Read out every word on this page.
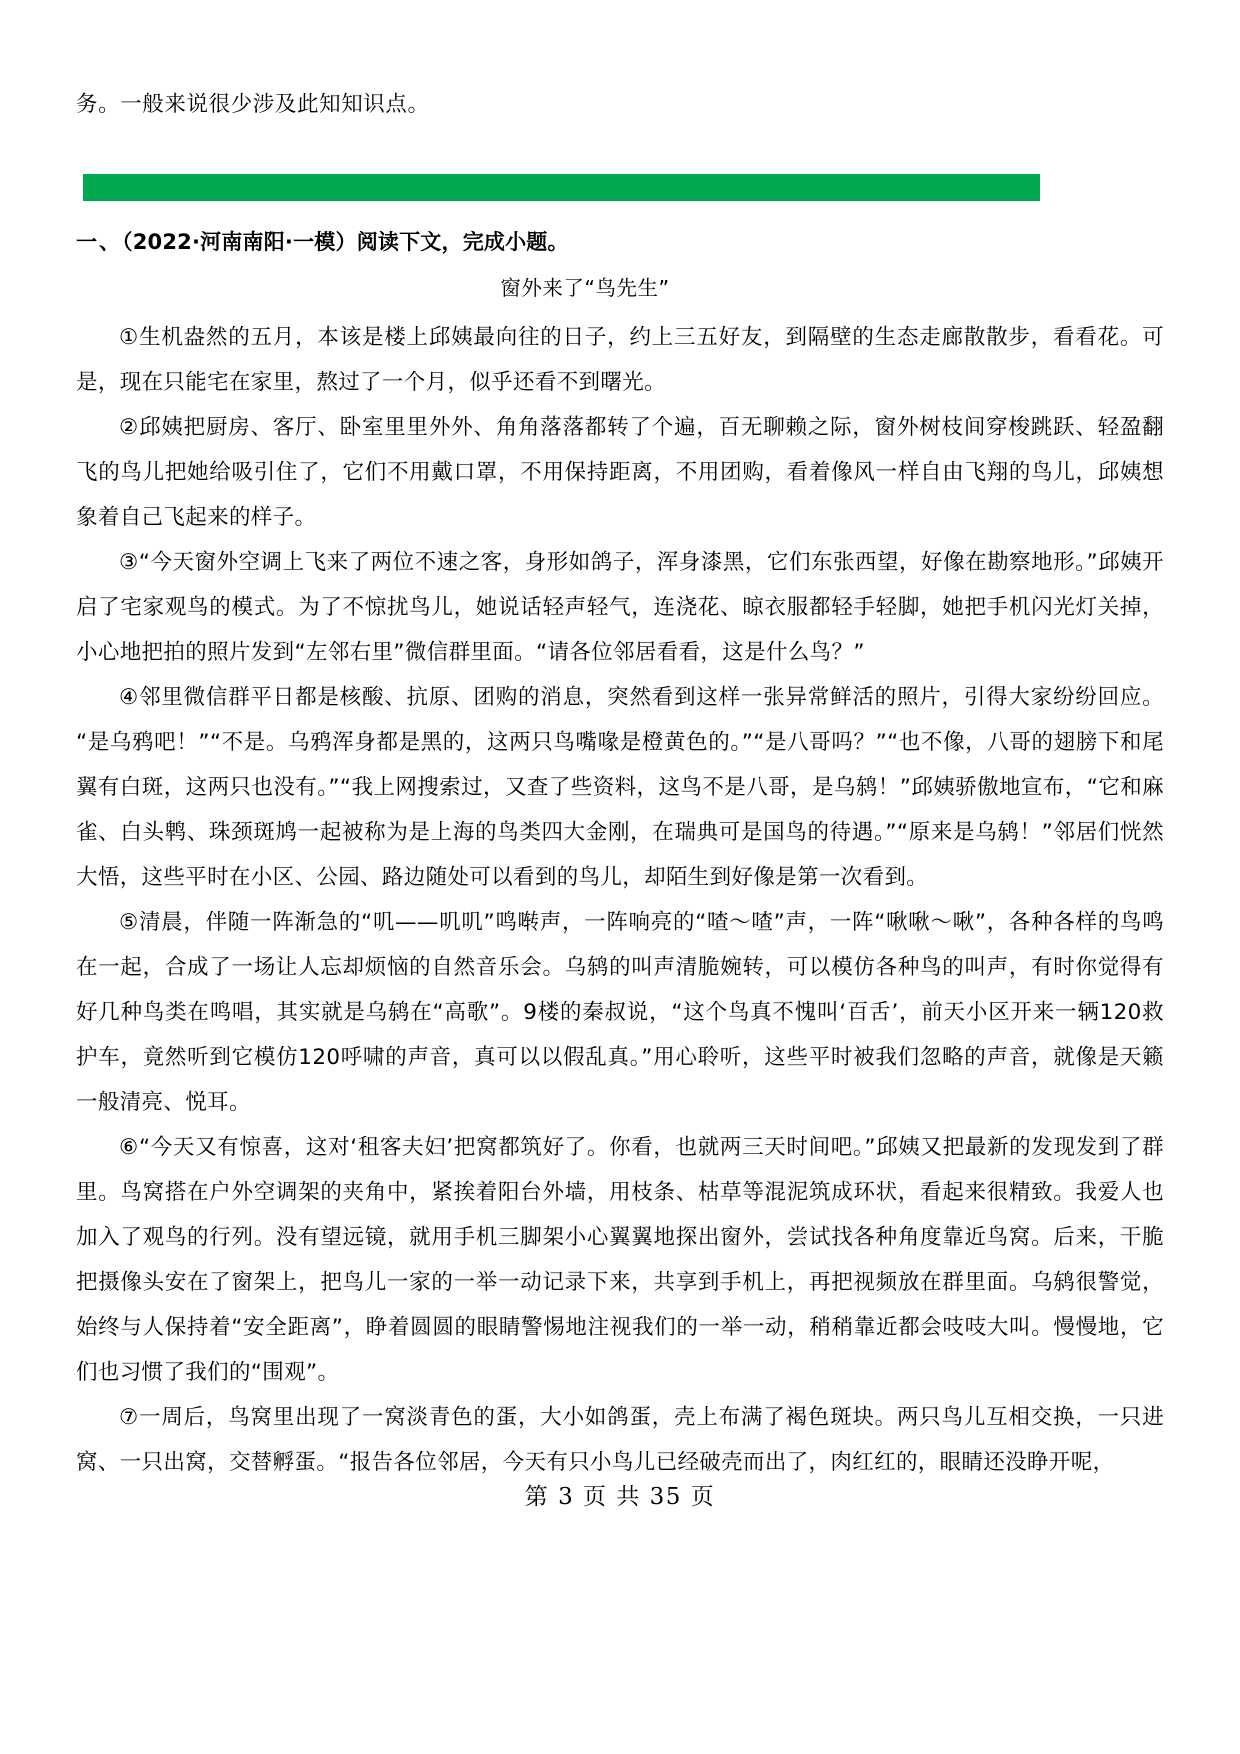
务。一般来说很少涉及此知知识点。

一、（2022·河南南阳·一模）阅读下文，完成小题。
窗外来了“鸟先生”

①生机盎然的五月，本该是楼上邱姨最向往的日子，约上三五好友，到隔壁的生态走廊散散步，看看花。可是，现在只能宅在家里，熬过了一个月，似乎还看不到曙光。

②邱姨把厨房、客厅、卧室里里外外、角角落落都转了个遍，百无聊赖之际，窗外树枝间穿梭跳跃、轻盈翻飞的鸟儿把她给吸引住了，它们不用戴口罩，不用保持距离，不用团购，看着像风一样自由飞翔的鸟儿，邱姨想象着自己飞起来的样子。

③“今天窗外空调上飞来了两位不速之客，身形如鸽子，浑身漆黑，它们东张西望，好像在勘察地形。”邱姨开启了宅家观鸟的模式。为了不惊扰鸟儿，她说话轻声轻气，连浇花、晾衣服都轻手轻脚，她把手机闪光灯关掉，小心地把拍的照片发到“左邻右里”微信群里面。“请各位邻居看看，这是什么鸟？”

④邻里微信群平日都是核酸、抗原、团购的消息，突然看到这样一张异常鲜活的照片，引得大家纷纷回应。“是乌鸦吧！”“不是。乌鸦浑身都是黑的，这两只鸟嘴喙是橙黄色的。”“是八哥吗？”“也不像，八哥的翅膀下和尾翼有白斑，这两只也没有。”“我上网搜索过，又查了些资料，这鸟不是八哥，是乌鸫！”邱姨骄傲地宣布，“它和麻雀、白头鹎、珠颈斑鸠一起被称为是上海的鸟类四大金刚，在瑞典可是国鸟的待遇。”“原来是乌鸫！”邻居们恍然大悟，这些平时在小区、公园、路边随处可以看到的鸟儿，却陌生到好像是第一次看到。

⑤清晨，伴随一阵渐急的“叽——叽叽”鸣啭声，一阵响亮的“喳～喳”声，一阵“啾啾～啾”，各种各样的鸟鸣在一起，合成了一场让人忘却烦恼的自然音乐会。乌鸫的叫声清脆婉转，可以模仿各种鸟的叫声，有时你觉得有好几种鸟类在鸣唱，其实就是乌鸫在“高歌”。9楼的秦叔说，“这个鸟真不愧叫‘百舌’，前天小区开来一辆120救护车，竟然听到它模仿120呼啸的声音，真可以以假乱真。”用心聆听，这些平时被我们忽略的声音，就像是天籁一般清亮、悦耳。

⑥“今天又有惊喜，这对‘租客夫妇’把窝都筑好了。你看，也就两三天时间吧。”邱姨又把最新的发现发到了群里。鸟窝搭在户外空调架的夹角中，紧挨着阳台外墙，用枝条、枯草等混泥筑成环状，看起来很精致。我爱人也加入了观鸟的行列。没有望远镜，就用手机三脚架小心翼翼地探出窗外，尝试找各种角度靠近鸟窝。后来，干脆把摄像头安在了窗架上，把鸟儿一家的一举一动记录下来，共享到手机上，再把视频放在群里面。乌鸫很警觉，始终与人保持着“安全距离”，睁着圆圆的眼睛警惕地注视我们的一举一动，稍稍靠近都会吱吱大叫。慢慢地，它们也习惯了我们的“围观”。

⑦一周后，鸟窝里出现了一窝淡青色的蛋，大小如鸽蛋，壳上布满了褐色斑块。两只鸟儿互相交换，一只进窝、一只出窝，交替孵蛋。“报告各位邻居，今天有只小鸟儿已经破壳而出了，肉红红的，眼睛还没睁开呢，

第 3 页 共 35 页
